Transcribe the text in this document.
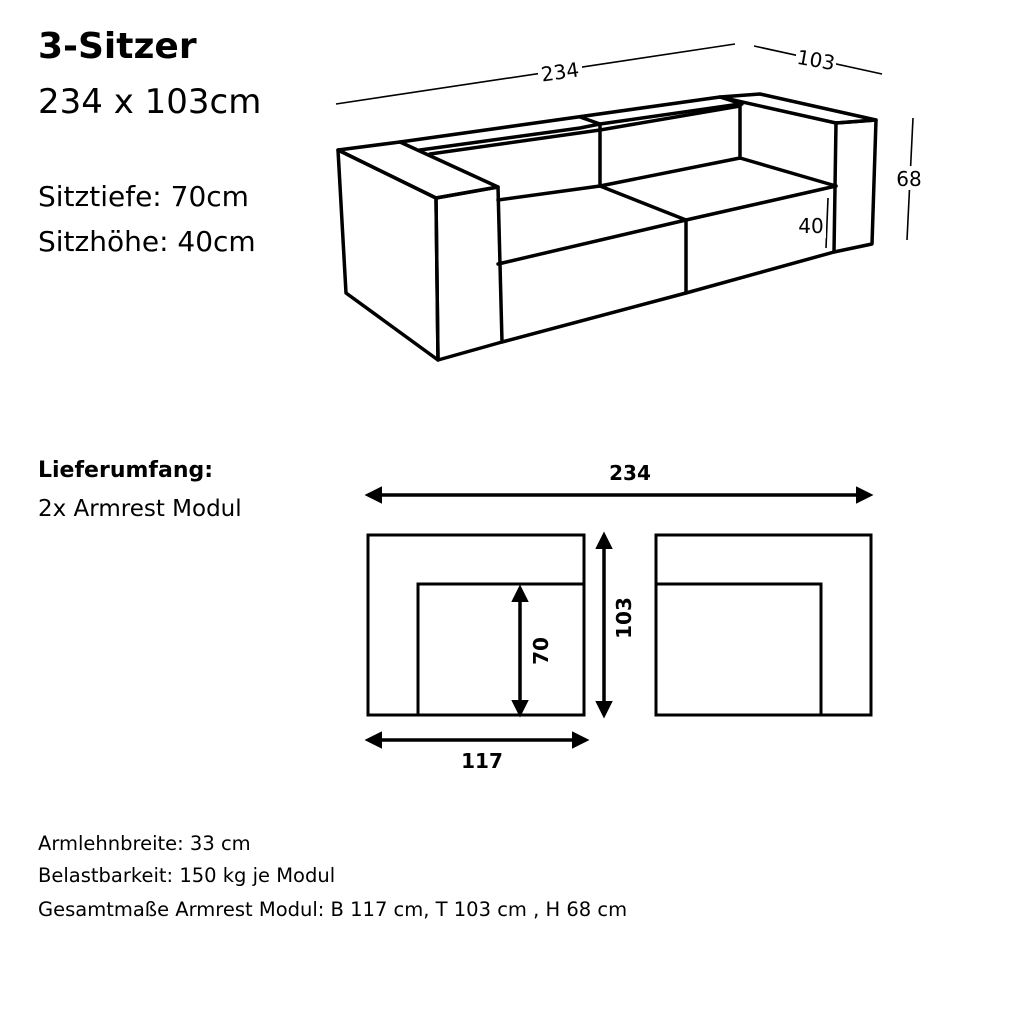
3-Sitzer
234 x 103cm
Sitztiefe: 70cm
Sitzhöhe: 40cm
Lieferumfang:
2x Armrest Modul
Armlehnbreite: 33 cm
Belastbarkeit: 150 kg je Modul
Gesamtmaße Armrest Modul: B 117 cm, T 103 cm , H 68 cm
234	103
68
40
234
117
103
70
